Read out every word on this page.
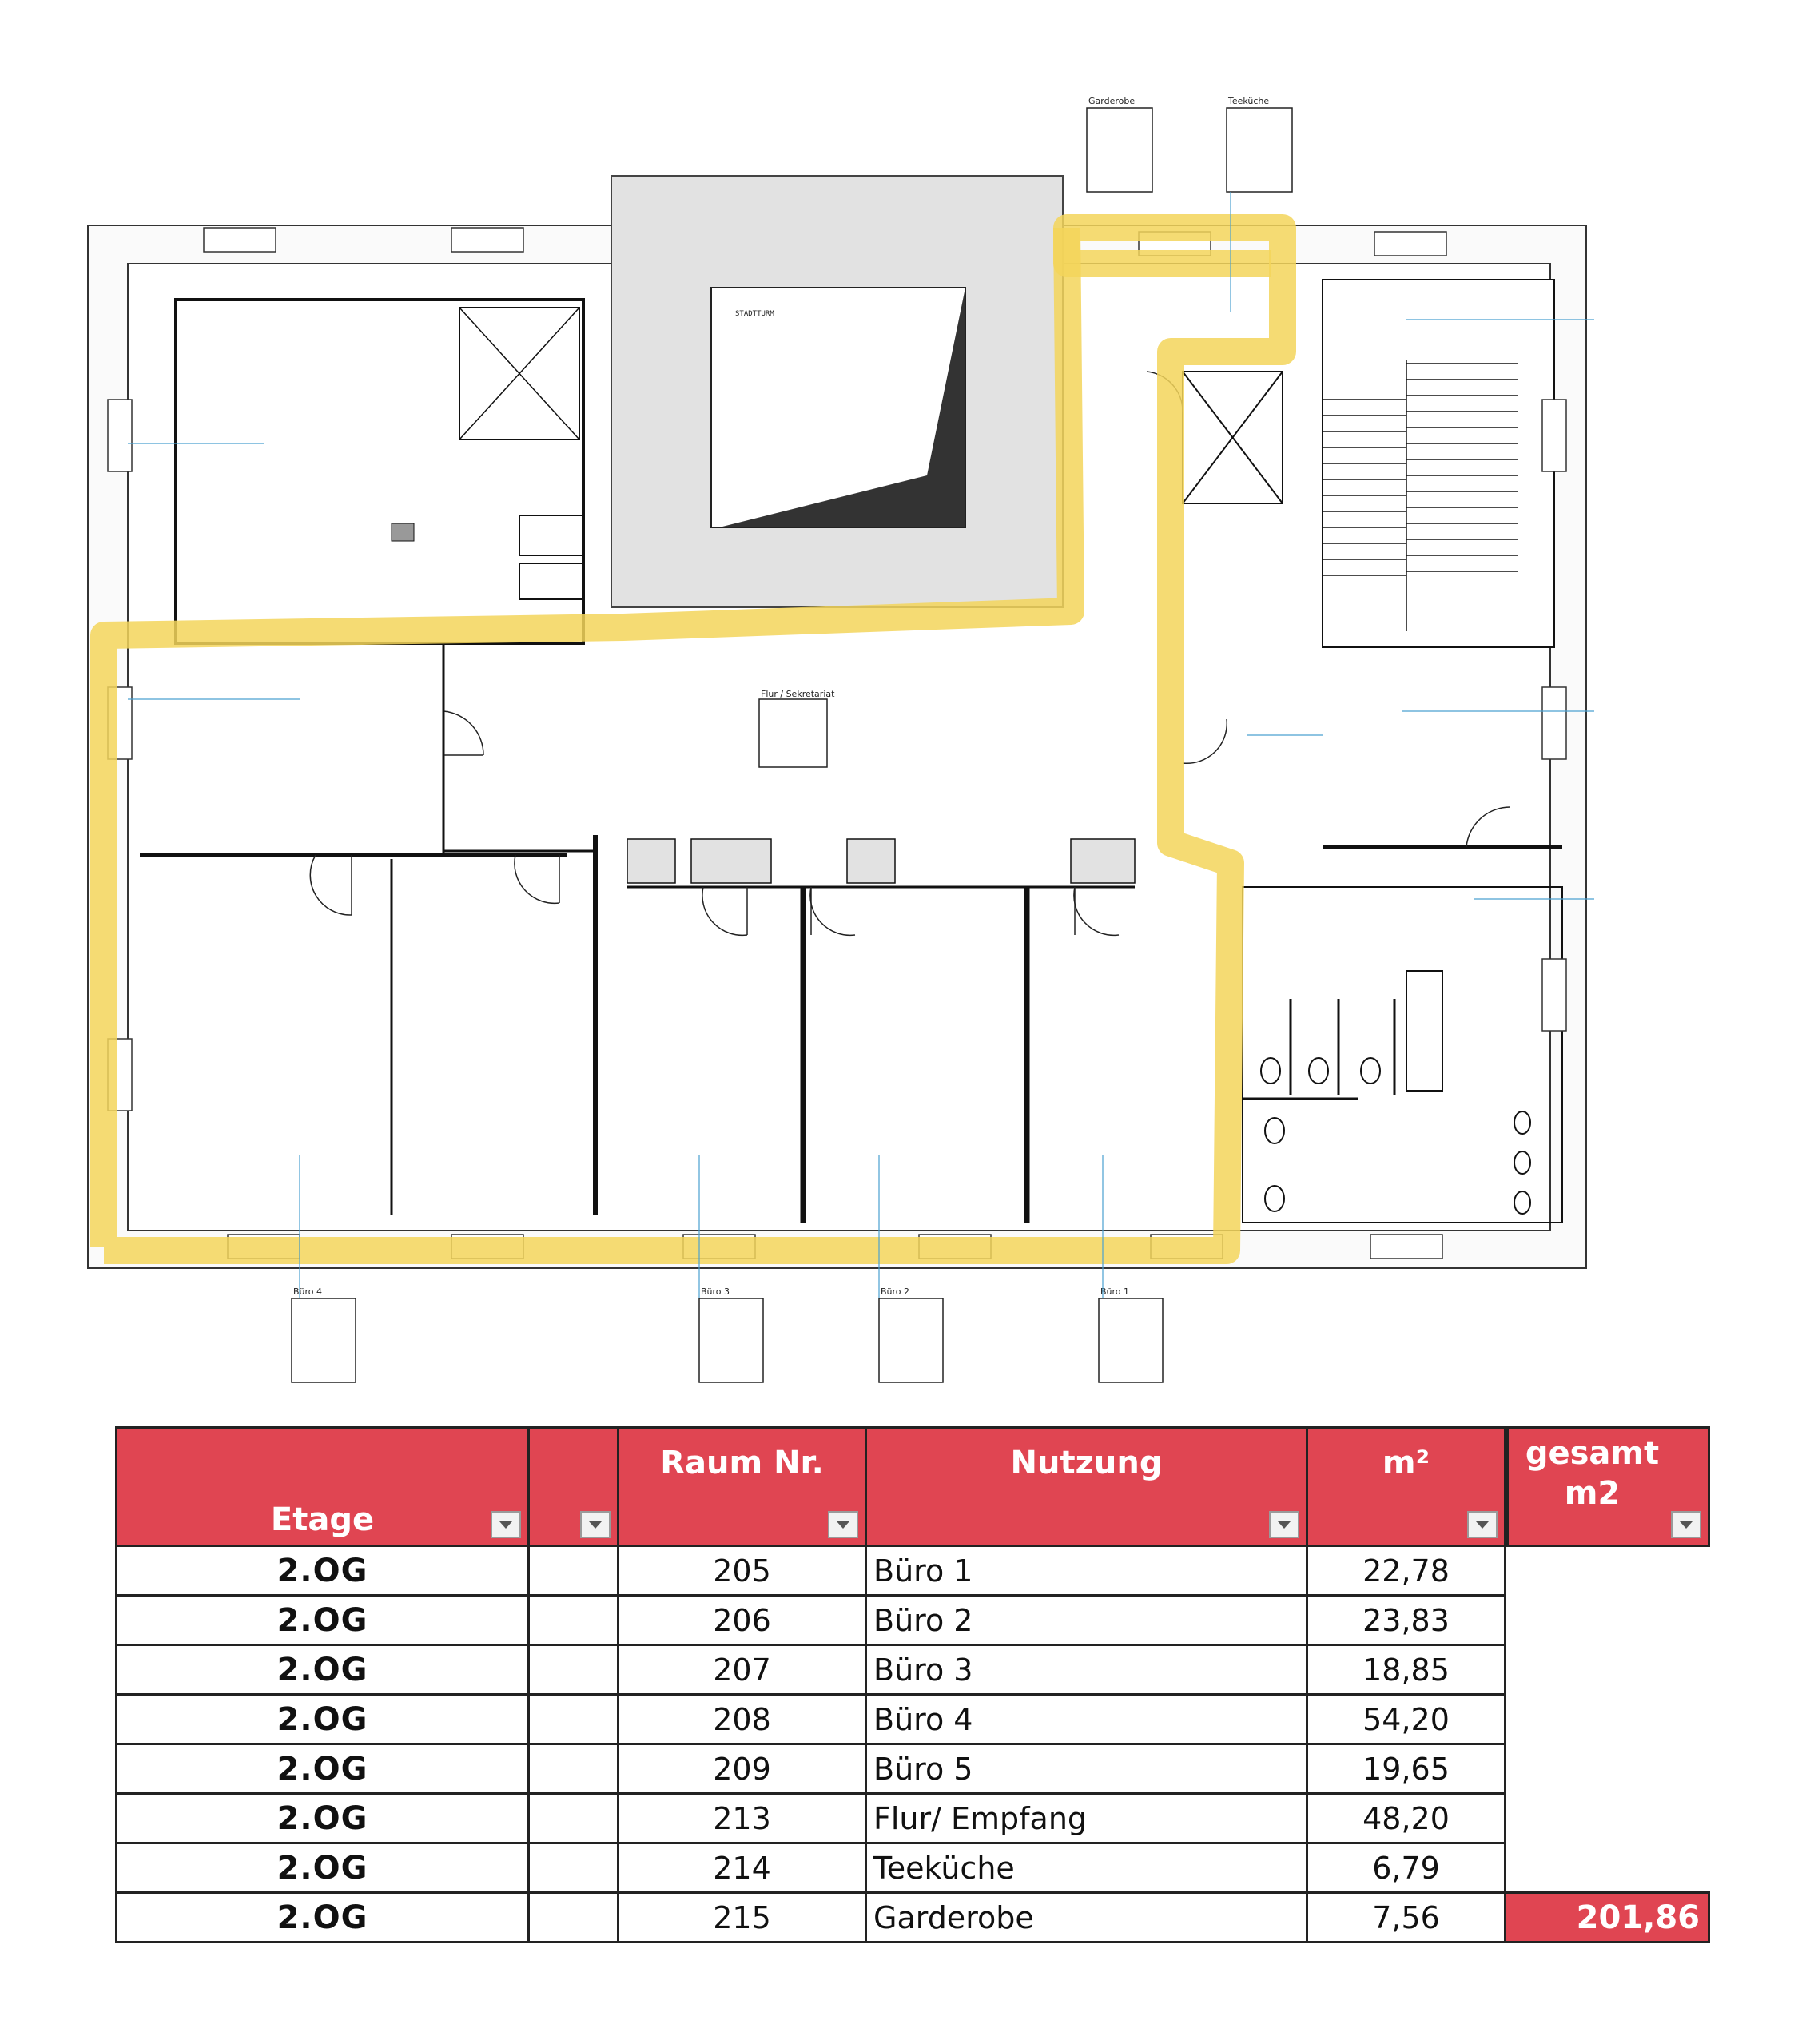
STADTTURM
Garderobe	Teeküche
Flur / Sekretariat
Büro 4	Büro 3	Büro 2	Büro 1
Etage		Raum Nr.	Nutzung	m²	gesamt
m2

2.OG		205	Büro 1	22,78	
2.OG		206	Büro 2	23,83	
2.OG		207	Büro 3	18,85	
2.OG		208	Büro 4	54,20	
2.OG		209	Büro 5	19,65	
2.OG		213	Flur/ Empfang	48,20	
2.OG		214	Teeküche	6,79	
2.OG		215	Garderobe	7,56	201,86
